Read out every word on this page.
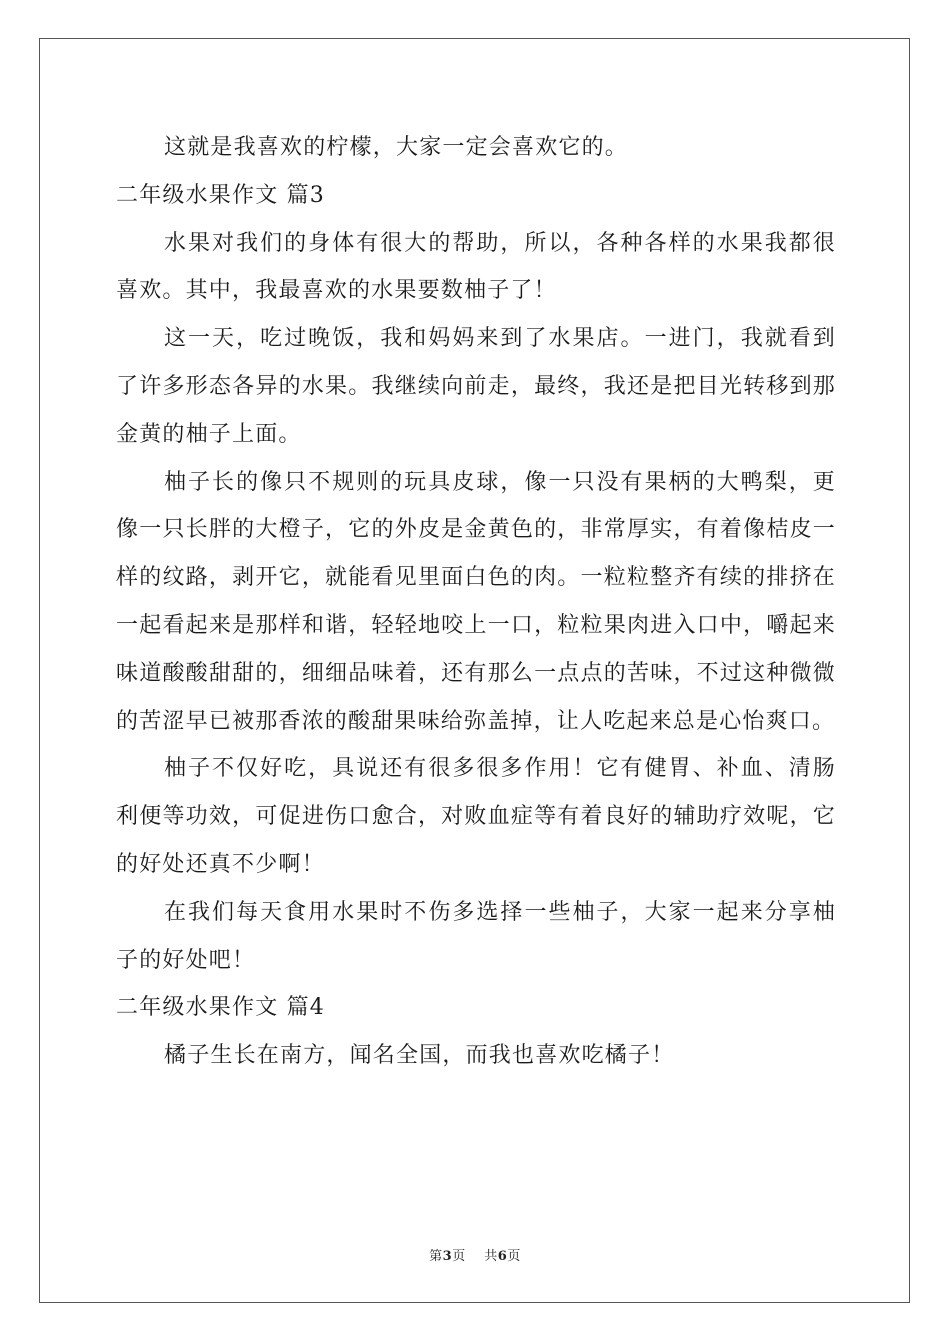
这就是我喜欢的柠檬，大家一定会喜欢它的。

二年级水果作文 篇3

水果对我们的身体有很大的帮助，所以，各种各样的水果我都很喜欢。其中，我最喜欢的水果要数柚子了！

这一天，吃过晚饭，我和妈妈来到了水果店。一进门，我就看到了许多形态各异的水果。我继续向前走，最终，我还是把目光转移到那金黄的柚子上面。

柚子长的像只不规则的玩具皮球，像一只没有果柄的大鸭梨，更像一只长胖的大橙子，它的外皮是金黄色的，非常厚实，有着像桔皮一样的纹路，剥开它，就能看见里面白色的肉。一粒粒整齐有续的排挤在一起看起来是那样和谐，轻轻地咬上一口，粒粒果肉进入口中，嚼起来味道酸酸甜甜的，细细品味着，还有那么一点点的苦味，不过这种微微的苦涩早已被那香浓的酸甜果味给弥盖掉，让人吃起来总是心怡爽口。

柚子不仅好吃，具说还有很多很多作用！它有健胃、补血、清肠利便等功效，可促进伤口愈合，对败血症等有着良好的辅助疗效呢，它的好处还真不少啊！

在我们每天食用水果时不伤多选择一些柚子，大家一起来分享柚子的好处吧！

二年级水果作文 篇4

橘子生长在南方，闻名全国，而我也喜欢吃橘子！

第3页 共6页
